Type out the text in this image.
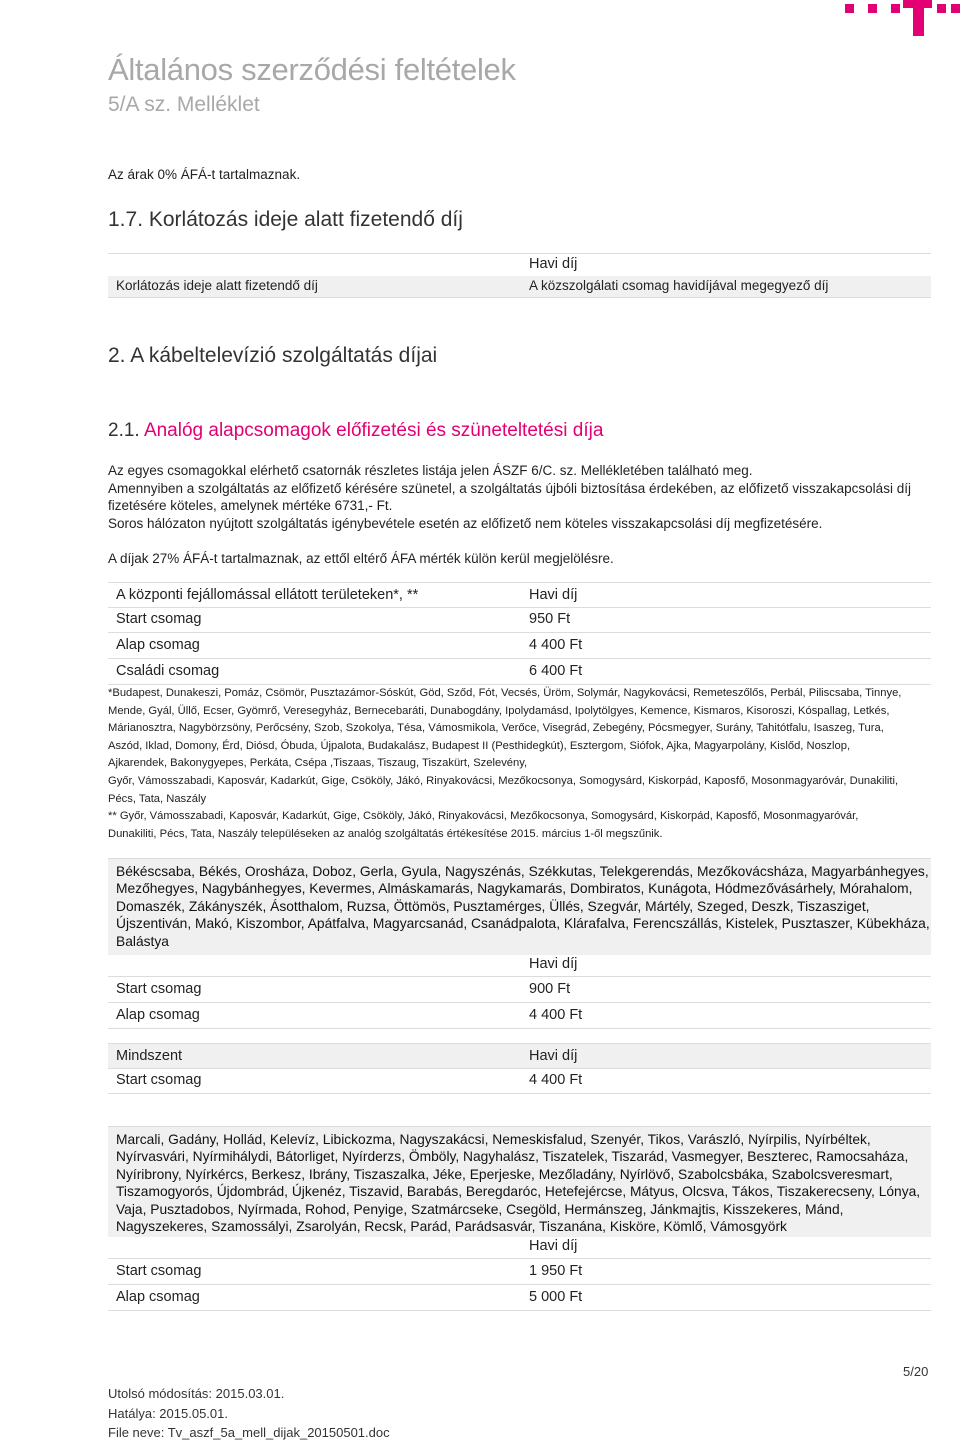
Általános szerződési feltételek
5/A sz. Melléklet
Az árak 0% ÁFÁ-t tartalmaznak.
1.7. Korlátozás ideje alatt fizetendő díj
Havi díj
Korlátozás ideje alatt fizetendő díj	A közszolgálati csomag havidíjával megegyező díj
2. A kábeltelevízió szolgáltatás díjai
2.1. Analóg alapcsomagok előfizetési és szüneteltetési díja
Az egyes csomagokkal elérhető csatornák részletes listája jelen ÁSZF 6/C. sz. Mellékletében található meg.
Amennyiben a szolgáltatás az előfizető kérésére szünetel, a szolgáltatás újbóli biztosítása érdekében, az előfizető visszakapcsolási díj fizetésére köteles, amelynek mértéke 6731,- Ft.
Soros hálózaton nyújtott szolgáltatás igénybevétele esetén az előfizető nem köteles visszakapcsolási díj megfizetésére.
A díjak 27% ÁFÁ-t tartalmaznak, az ettől eltérő ÁFA mérték külön kerül megjelölésre.
A központi fejállomással ellátott területeken*, **	Havi díj
Start csomag	950 Ft
Alap csomag	4 400 Ft
Családi csomag	6 400 Ft
*Budapest, Dunakeszi, Pomáz, Csömör, Pusztazámor-Sóskút, Göd, Sződ, Fót, Vecsés, Üröm, Solymár, Nagykovácsi, Remeteszőlős, Perbál, Piliscsaba, Tinnye,
Mende, Gyál, Üllő, Ecser, Gyömrő, Veresegyház, Bernecebaráti, Dunabogdány, Ipolydamásd, Ipolytölgyes, Kemence, Kismaros, Kisoroszi, Kóspallag, Letkés,
Márianosztra, Nagybörzsöny, Perőcsény, Szob, Szokolya, Tésa, Vámosmikola, Verőce, Visegrád, Zebegény, Pócsmegyer, Surány, Tahitótfalu, Isaszeg, Tura,
Aszód, Iklad, Domony, Érd, Diósd, Óbuda, Újpalota, Budakalász, Budapest II (Pesthidegkút), Esztergom, Siófok, Ajka, Magyarpolány, Kislőd, Noszlop,
Ajkarendek, Bakonygyepes, Perkáta, Csépa ,Tiszaas, Tiszaug, Tiszakürt, Szelevény,
Győr, Vámosszabadi, Kaposvár, Kadarkút, Gige, Csököly, Jákó, Rinyakovácsi, Mezőkocsonya, Somogysárd, Kiskorpád, Kaposfő, Mosonmagyaróvár, Dunakiliti,
Pécs, Tata, Naszály
** Győr, Vámosszabadi, Kaposvár, Kadarkút, Gige, Csököly, Jákó, Rinyakovácsi, Mezőkocsonya, Somogysárd, Kiskorpád, Kaposfő, Mosonmagyaróvár,
Dunakiliti, Pécs, Tata, Naszály településeken az analóg szolgáltatás értékesítése 2015. március 1-ől megszűnik.
Békéscsaba, Békés, Orosháza, Doboz, Gerla, Gyula, Nagyszénás, Székkutas, Telekgerendás, Mezőkovácsháza, Magyarbánhegyes, Mezőhegyes, Nagybánhegyes, Kevermes, Almáskamarás, Nagykamarás, Dombiratos, Kunágota, Hódmezővásárhely, Mórahalom, Domaszék, Zákányszék, Ásotthalom, Ruzsa, Öttömös, Pusztamérges, Üllés, Szegvár, Mártély, Szeged, Deszk, Tiszasziget, Újszentiván, Makó, Kiszombor, Apátfalva, Magyarcsanád, Csanádpalota, Klárafalva, Ferencszállás, Kistelek, Pusztaszer, Kübekháza, Balástya
Havi díj
Start csomag	900 Ft
Alap csomag	4 400 Ft
Mindszent	Havi díj
Start csomag	4 400 Ft
Marcali, Gadány, Hollád, Kelevíz, Libickozma, Nagyszakácsi, Nemeskisfalud, Szenyér, Tikos, Varászló, Nyírpilis, Nyírbéltek, Nyírvasvári, Nyírmihálydi, Bátorliget, Nyírderzs, Ömböly, Nagyhalász, Tiszatelek, Tiszarád, Vasmegyer, Beszterec, Ramocsaháza, Nyíribrony, Nyírkércs, Berkesz, Ibrány, Tiszaszalka, Jéke, Eperjeske, Mezőladány, Nyírlövő, Szabolcsbáka, Szabolcsveresmart, Tiszamogyorós, Újdombrád, Újkenéz, Tiszavid, Barabás, Beregdaróc, Hetefejércse, Mátyus, Olcsva, Tákos, Tiszakerecseny, Lónya, Vaja, Pusztadobos, Nyírmada, Rohod, Penyige, Szatmárcseke, Csegöld, Hermánszeg, Jánkmajtis, Kisszekeres, Mánd, Nagyszekeres, Szamossályi, Zsarolyán, Recsk, Parád, Parádsasvár, Tiszanána, Kisköre, Kömlő, Vámosgyörk
Havi díj
Start csomag	1 950 Ft
Alap csomag	5 000 Ft
5/20
Utolsó módosítás: 2015.03.01.
Hatálya: 2015.05.01.
File neve: Tv_aszf_5a_mell_dijak_20150501.doc
